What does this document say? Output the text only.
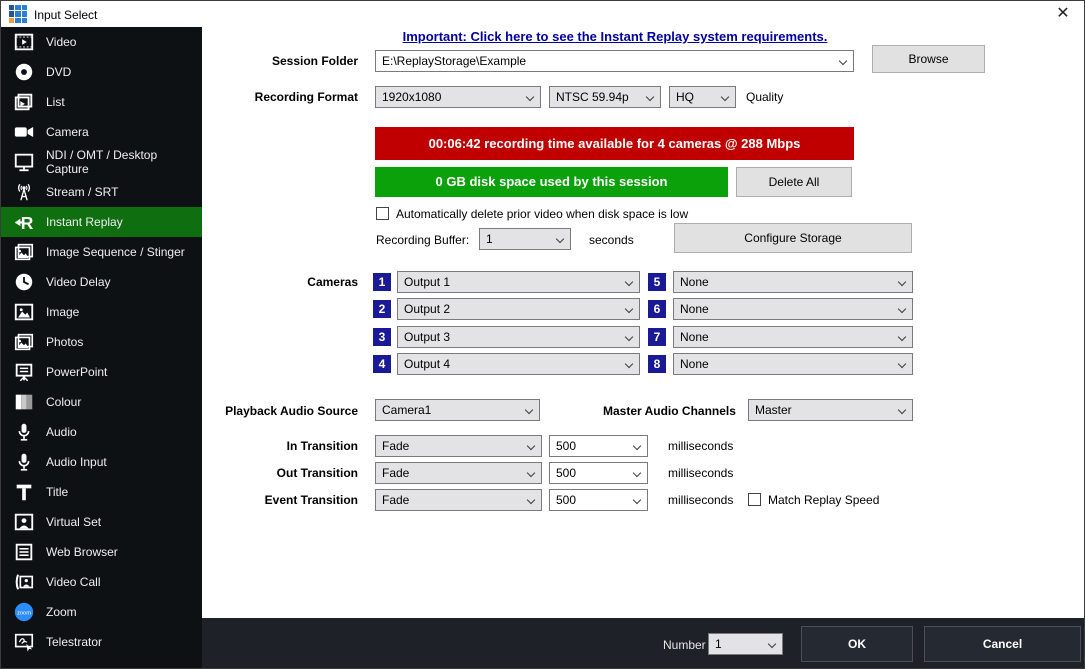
Input Select	✕
Video
DVD
List
Camera
NDI / OMT / Desktop Capture
Stream / SRT
R Instant Replay
Image Sequence / Stinger
Video Delay
Image
Photos
PowerPoint
Colour
Audio
Audio Input
Title
Virtual Set
Web Browser
Video Call
zoom Zoom
Telestrator
Important: Click here to see the Instant Replay system requirements.
Session Folder	E:\ReplayStorage\Example	Browse
Recording Format	1920x1080	NTSC 59.94p	HQ	Quality
00:06:42 recording time available for 4 cameras @ 288 Mbps
0 GB disk space used by this session	Delete All
Automatically delete prior video when disk space is low
Recording Buffer:	1	seconds	Configure Storage
Cameras	1	Output 1	5	None
2	Output 2	6	None
3	Output 3	7	None
4	Output 4	8	None
Playback Audio Source	Camera1	Master Audio Channels	Master
In Transition	Fade	500	milliseconds
Out Transition	Fade	500	milliseconds
Event Transition	Fade	500	milliseconds	Match Replay Speed
Number 1	OK	Cancel
